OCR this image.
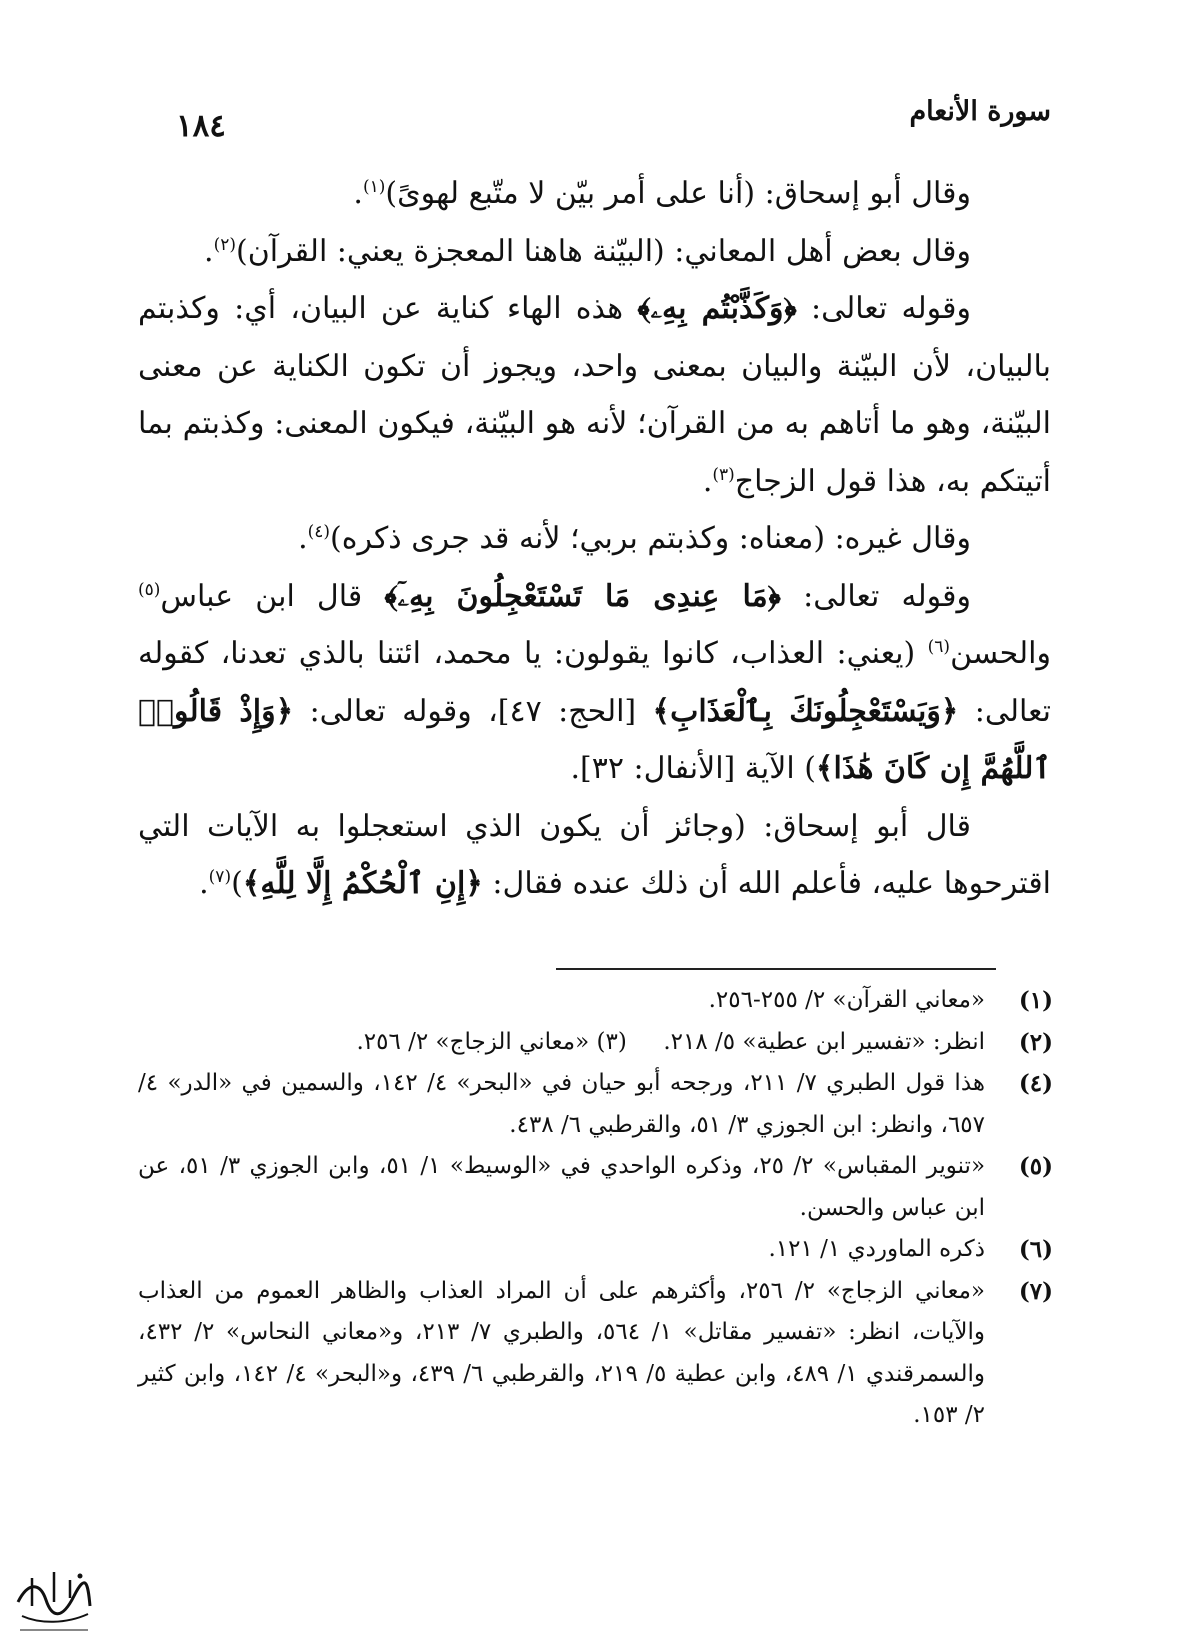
سورة الأنعام
١٨٤

وقال أبو إسحاق: (أنا على أمر بيّن لا متّبع لهوىً)$^{(١)}$.

وقال بعض أهل المعاني: (البيّنة هاهنا المعجزة يعني: القرآن)$^{(٢)}$.

وقوله تعالى: ﴿وَكَذَّبْتُم بِهِۦ﴾ هذه الهاء كناية عن البيان، أي: وكذبتم بالبيان، لأن البيّنة والبيان بمعنى واحد، ويجوز أن تكون الكناية عن معنى البيّنة، وهو ما أتاهم به من القرآن؛ لأنه هو البيّنة، فيكون المعنى: وكذبتم بما أتيتكم به، هذا قول الزجاج$^{(٣)}$.

وقال غيره: (معناه: وكذبتم بربي؛ لأنه قد جرى ذكره)$^{(٤)}$.

وقوله تعالى: ﴿مَا عِندِى مَا تَسْتَعْجِلُونَ بِهِۦٓ﴾ قال ابن عباس$^{(٥)}$ والحسن$^{(٦)}$ (يعني: العذاب، كانوا يقولون: يا محمد، ائتنا بالذي تعدنا، كقوله تعالى: ﴿وَيَسْتَعْجِلُونَكَ بِٱلْعَذَابِ﴾ [الحج: ٤٧]، وقوله تعالى: ﴿وَإِذْ قَالُوا۟ ٱللَّهُمَّ إِن كَانَ هَٰذَا﴾) الآية [الأنفال: ٣٢].

قال أبو إسحاق: (وجائز أن يكون الذي استعجلوا به الآيات التي اقترحوها عليه، فأعلم الله أن ذلك عنده فقال: ﴿إِنِ ٱلْحُكْمُ إِلَّا لِلَّهِ﴾)$^{(٧)}$.

(١)
«معاني القرآن» ٢/ ٢٥٥-٢٥٦.
(٢)
انظر: «تفسير ابن عطية» ٥/ ٢١٨.     (٣) «معاني الزجاج» ٢/ ٢٥٦.
(٤)
هذا قول الطبري ٧/ ٢١١، ورجحه أبو حيان في «البحر» ٤/ ١٤٢، والسمين في «الدر» ٤/ ٦٥٧، وانظر: ابن الجوزي ٣/ ٥١، والقرطبي ٦/ ٤٣٨.
(٥)
«تنوير المقباس» ٢/ ٢٥، وذكره الواحدي في «الوسيط» ١/ ٥١، وابن الجوزي ٣/ ٥١، عن ابن عباس والحسن.
(٦)
ذكره الماوردي ١/ ١٢١.
(٧)
«معاني الزجاج» ٢/ ٢٥٦، وأكثرهم على أن المراد العذاب والظاهر العموم من العذاب والآيات، انظر: «تفسير مقاتل» ١/ ٥٦٤، والطبري ٧/ ٢١٣، و«معاني النحاس» ٢/ ٤٣٢، والسمرقندي ١/ ٤٨٩، وابن عطية ٥/ ٢١٩، والقرطبي ٦/ ٤٣٩، و«البحر» ٤/ ١٤٢، وابن كثير ٢/ ١٥٣.
